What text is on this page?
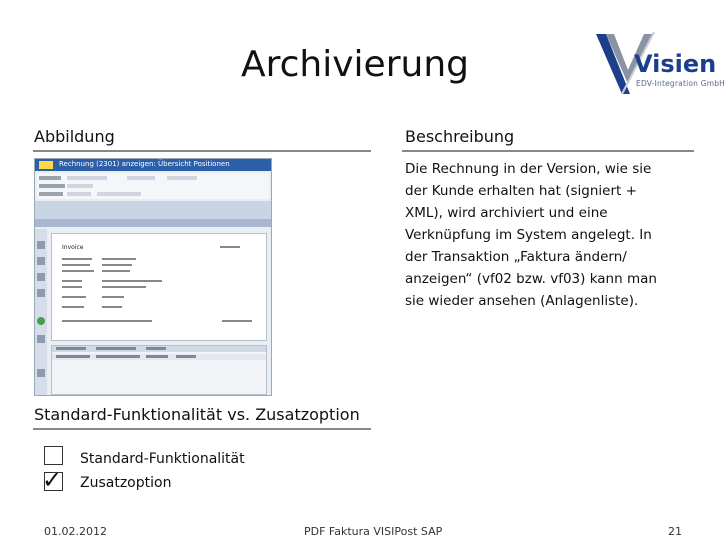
Archivierung	Visien
EDV-Integration GmbH
Abbildung	Beschreibung
Rechnung (2301) anzeigen: Übersicht Positionen
Invoice
Die Rechnung in der Version, wie sie
der Kunde erhalten hat (signiert +
XML), wird archiviert und eine
Verknüpfung im System angelegt. In
der Transaktion „Faktura ändern/
anzeigen“ (vf02 bzw. vf03) kann man
sie wieder ansehen (Anlagenliste).
Standard-Funktionalität vs. Zusatzoption
Standard-Funktionalität
✓ Zusatzoption
01.02.2012	PDF Faktura VISIPost SAP	21
